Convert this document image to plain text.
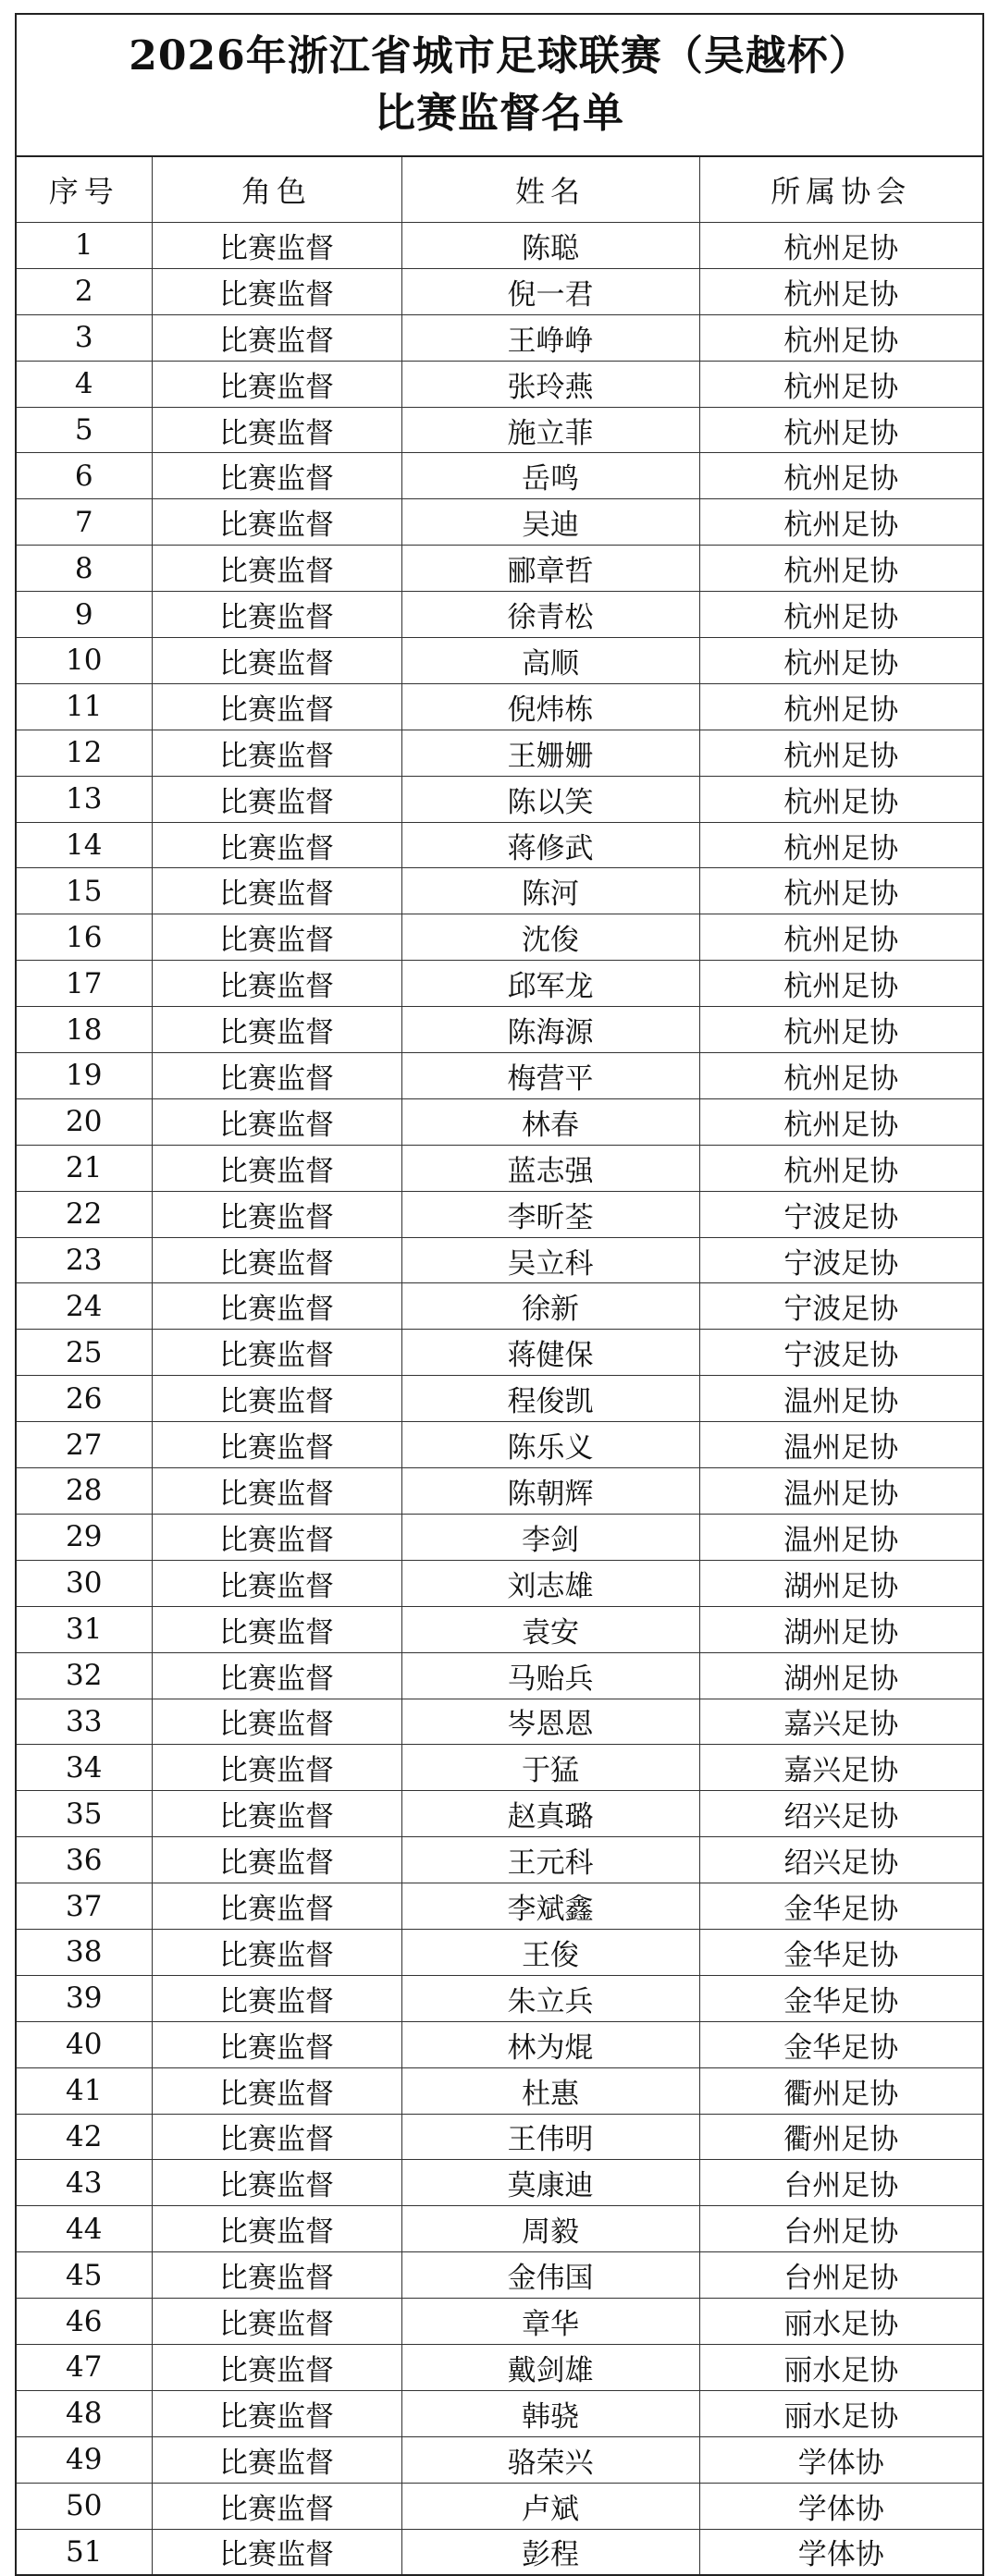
2026年浙江省城市足球联赛（吴越杯）
比赛监督名单
序号	角色	姓名	所属协会
1	比赛监督	陈聪	杭州足协
2	比赛监督	倪一君	杭州足协
3	比赛监督	王峥峥	杭州足协
4	比赛监督	张玲燕	杭州足协
5	比赛监督	施立菲	杭州足协
6	比赛监督	岳鸣	杭州足协
7	比赛监督	吴迪	杭州足协
8	比赛监督	郦章哲	杭州足协
9	比赛监督	徐青松	杭州足协
10	比赛监督	高顺	杭州足协
11	比赛监督	倪炜栋	杭州足协
12	比赛监督	王姗姗	杭州足协
13	比赛监督	陈以笑	杭州足协
14	比赛监督	蒋修武	杭州足协
15	比赛监督	陈河	杭州足协
16	比赛监督	沈俊	杭州足协
17	比赛监督	邱军龙	杭州足协
18	比赛监督	陈海源	杭州足协
19	比赛监督	梅营平	杭州足协
20	比赛监督	林春	杭州足协
21	比赛监督	蓝志强	杭州足协
22	比赛监督	李昕荃	宁波足协
23	比赛监督	吴立科	宁波足协
24	比赛监督	徐新	宁波足协
25	比赛监督	蒋健保	宁波足协
26	比赛监督	程俊凯	温州足协
27	比赛监督	陈乐义	温州足协
28	比赛监督	陈朝辉	温州足协
29	比赛监督	李剑	温州足协
30	比赛监督	刘志雄	湖州足协
31	比赛监督	袁安	湖州足协
32	比赛监督	马贻兵	湖州足协
33	比赛监督	岑恩恩	嘉兴足协
34	比赛监督	于猛	嘉兴足协
35	比赛监督	赵真璐	绍兴足协
36	比赛监督	王元科	绍兴足协
37	比赛监督	李斌鑫	金华足协
38	比赛监督	王俊	金华足协
39	比赛监督	朱立兵	金华足协
40	比赛监督	林为焜	金华足协
41	比赛监督	杜惠	衢州足协
42	比赛监督	王伟明	衢州足协
43	比赛监督	莫康迪	台州足协
44	比赛监督	周毅	台州足协
45	比赛监督	金伟国	台州足协
46	比赛监督	章华	丽水足协
47	比赛监督	戴剑雄	丽水足协
48	比赛监督	韩骁	丽水足协
49	比赛监督	骆荣兴	学体协
50	比赛监督	卢斌	学体协
51	比赛监督	彭程	学体协
